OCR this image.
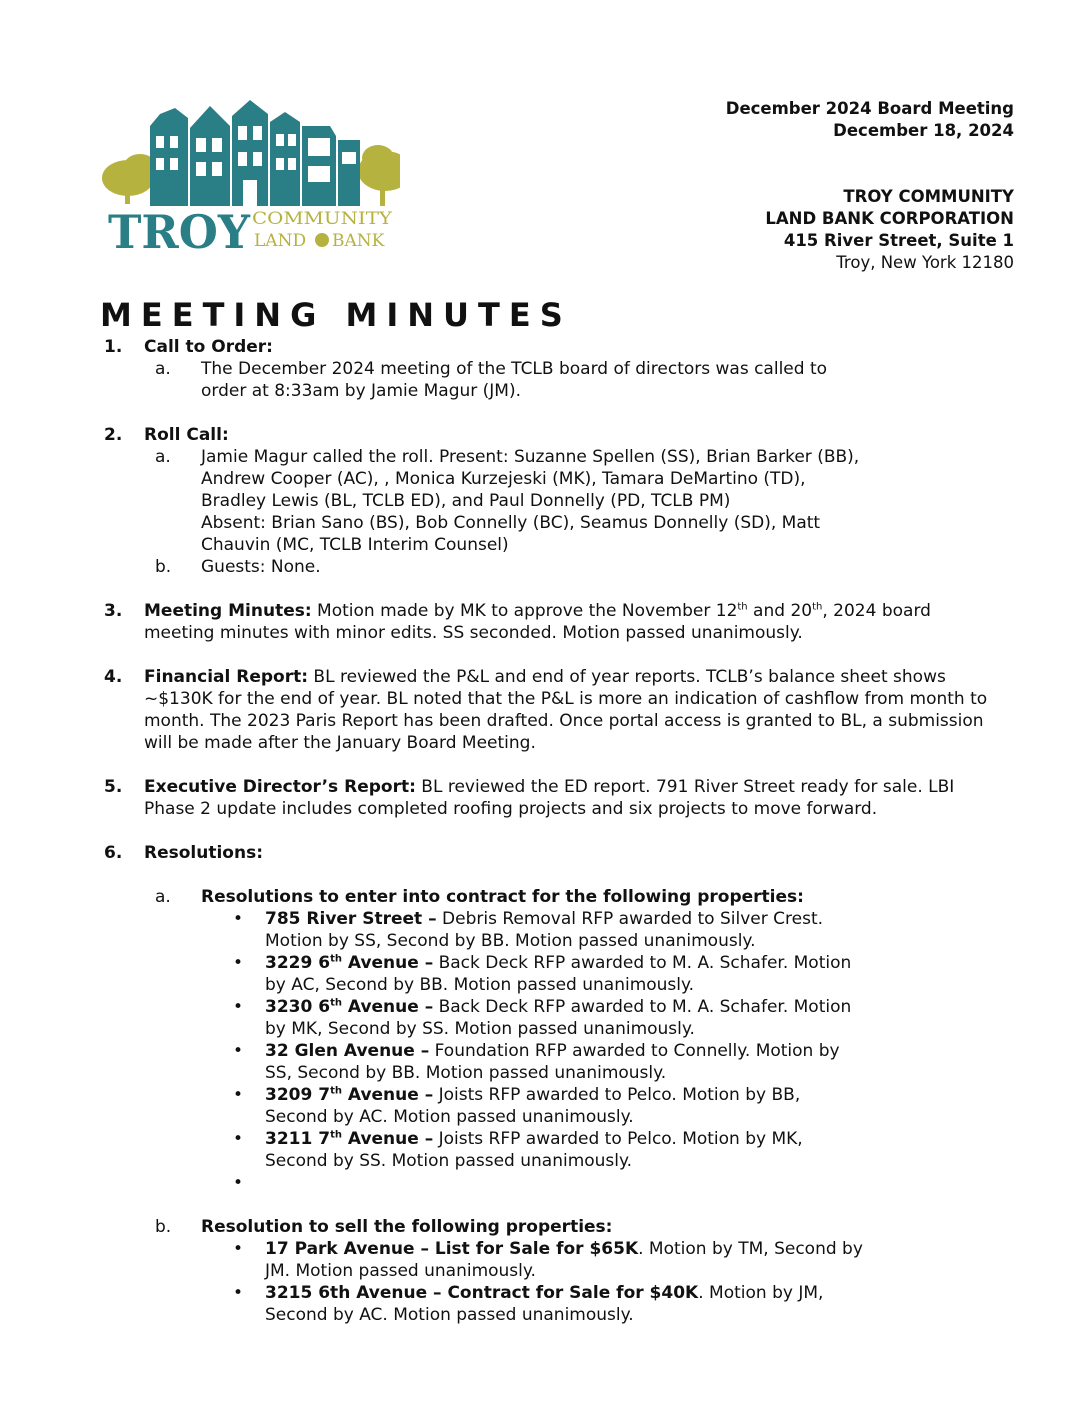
TROY COMMUNITY
LAND BANK
December 2024 Board Meeting
December 18, 2024
TROY COMMUNITY
LAND BANK CORPORATION
415 River Street, Suite 1
Troy, New York 12180
MEETING MINUTES
1. Call to Order:
a. The December 2024 meeting of the TCLB board of directors was called to order at 8:33am by Jamie Magur (JM).
2. Roll Call:
a. Jamie Magur called the roll. Present: Suzanne Spellen (SS), Brian Barker (BB),
Andrew Cooper (AC), , Monica Kurzejeski (MK), Tamara DeMartino (TD),
Bradley Lewis (BL, TCLB ED), and Paul Donnelly (PD, TCLB PM)
Absent: Brian Sano (BS), Bob Connelly (BC), Seamus Donnelly (SD), Matt
Chauvin (MC, TCLB Interim Counsel)
b. Guests: None.
3. Meeting Minutes: Motion made by MK to approve the November 12th and 20th, 2024 board meeting minutes with minor edits. SS seconded. Motion passed unanimously.
4. Financial Report: BL reviewed the P&L and end of year reports. TCLB’s balance sheet shows ~$130K for the end of year. BL noted that the P&L is more an indication of cashflow from month to month. The 2023 Paris Report has been drafted. Once portal access is granted to BL, a submission will be made after the January Board Meeting.
5. Executive Director’s Report: BL reviewed the ED report. 791 River Street ready for sale. LBI Phase 2 update includes completed roofing projects and six projects to move forward.
6. Resolutions:
a. Resolutions to enter into contract for the following properties:
• 785 River Street – Debris Removal RFP awarded to Silver Crest. Motion by SS, Second by BB. Motion passed unanimously.
• 3229 6th Avenue – Back Deck RFP awarded to M. A. Schafer. Motion by AC, Second by BB. Motion passed unanimously.
• 3230 6th Avenue – Back Deck RFP awarded to M. A. Schafer. Motion by MK, Second by SS. Motion passed unanimously.
• 32 Glen Avenue – Foundation RFP awarded to Connelly. Motion by SS, Second by BB. Motion passed unanimously.
• 3209 7th Avenue – Joists RFP awarded to Pelco. Motion by BB, Second by AC. Motion passed unanimously.
• 3211 7th Avenue – Joists RFP awarded to Pelco. Motion by MK, Second by SS. Motion passed unanimously.
•
b. Resolution to sell the following properties:
• 17 Park Avenue – List for Sale for $65K. Motion by TM, Second by JM. Motion passed unanimously.
• 3215 6th Avenue – Contract for Sale for $40K. Motion by JM, Second by AC. Motion passed unanimously.
